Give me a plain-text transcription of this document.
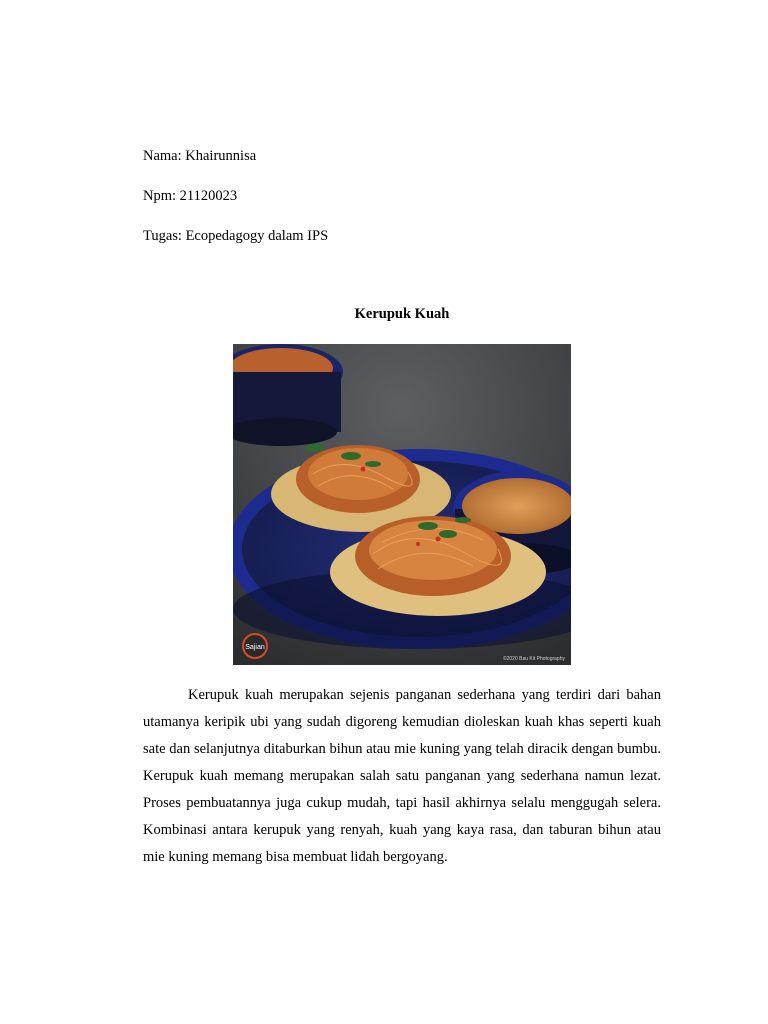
Nama: Khairunnisa
Npm: 21120023
Tugas: Ecopedagogy dalam IPS
Kerupuk Kuah
Sajian
©2020 Bau Kit Photography

Kerupuk kuah merupakan sejenis panganan sederhana yang terdiri dari bahan utamanya keripik ubi yang sudah digoreng kemudian dioleskan kuah khas seperti kuah sate dan selanjutnya ditaburkan bihun atau mie kuning yang telah diracik dengan bumbu. Kerupuk kuah memang merupakan salah satu panganan yang sederhana namun lezat. Proses pembuatannya juga cukup mudah, tapi hasil akhirnya selalu menggugah selera. Kombinasi antara kerupuk yang renyah, kuah yang kaya rasa, dan taburan bihun atau mie kuning memang bisa membuat lidah bergoyang.
